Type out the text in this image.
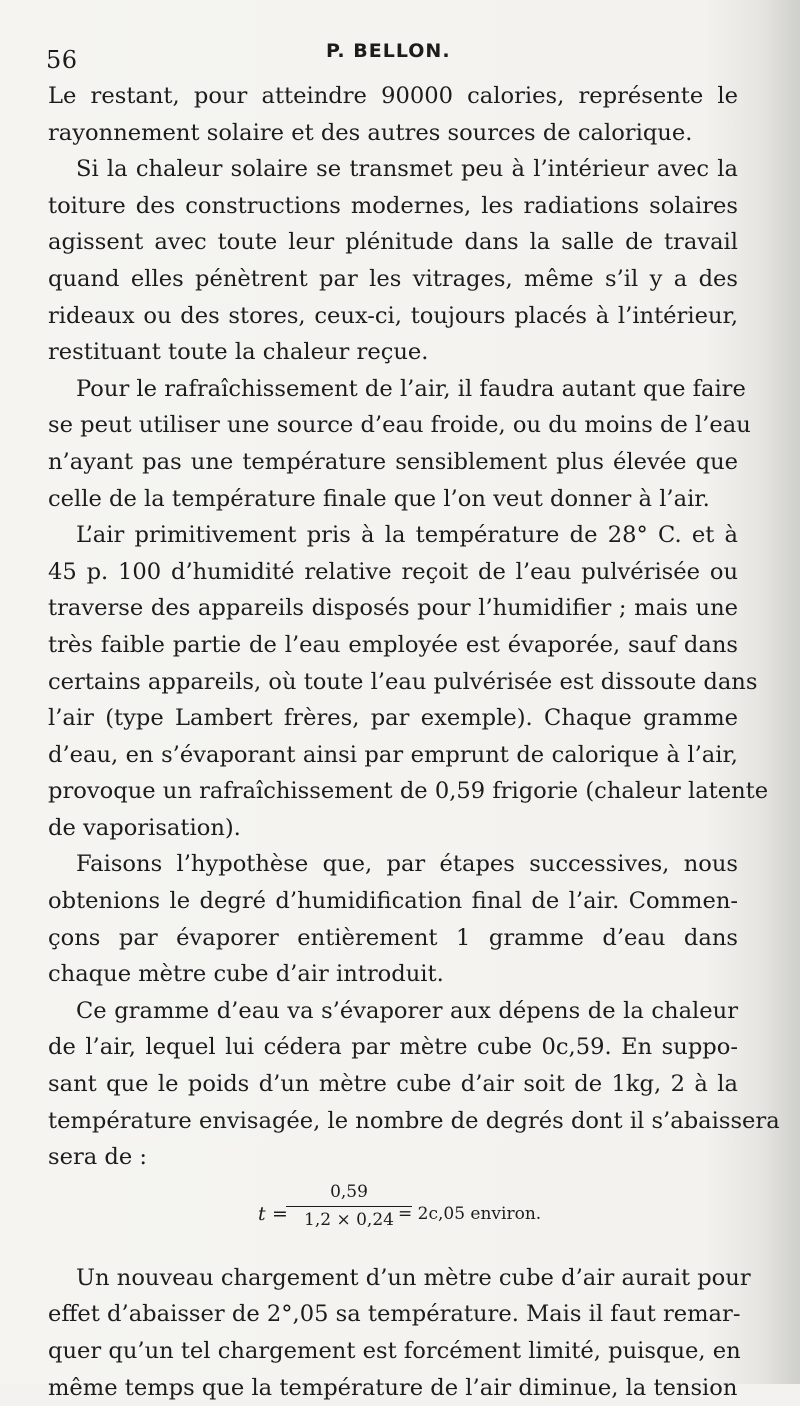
56	P. BELLON.
Le restant, pour atteindre 90000 calories, représente le
rayonnement solaire et des autres sources de calorique.
Si la chaleur solaire se transmet peu à l’intérieur avec la
toiture des constructions modernes, les radiations solaires
agissent avec toute leur plénitude dans la salle de travail
quand elles pénètrent par les vitrages, même s’il y a des
rideaux ou des stores, ceux-ci, toujours placés à l’intérieur,
restituant toute la chaleur reçue.
Pour le rafraîchissement de l’air, il faudra autant que faire
se peut utiliser une source d’eau froide, ou du moins de l’eau
n’ayant pas une température sensiblement plus élevée que
celle de la température finale que l’on veut donner à l’air.
L’air primitivement pris à la température de 28° C. et à
45 p. 100 d’humidité relative reçoit de l’eau pulvérisée ou
traverse des appareils disposés pour l’humidifier ; mais une
très faible partie de l’eau employée est évaporée, sauf dans
certains appareils, où toute l’eau pulvérisée est dissoute dans
l’air (type Lambert frères, par exemple). Chaque gramme
d’eau, en s’évaporant ainsi par emprunt de calorique à l’air,
provoque un rafraîchissement de 0,59 frigorie (chaleur latente
de vaporisation).
Faisons l’hypothèse que, par étapes successives, nous
obtenions le degré d’humidification final de l’air. Commen-
çons par évaporer entièrement 1 gramme d’eau dans
chaque mètre cube d’air introduit.
Ce gramme d’eau va s’évaporer aux dépens de la chaleur
de l’air, lequel lui cédera par mètre cube 0c,59. En suppo-
sant que le poids d’un mètre cube d’air soit de 1kg, 2 à la
température envisagée, le nombre de degrés dont il s’abaissera
sera de :
t =
0,59
1,2 × 0,24 = 2c,05 environ.
Un nouveau chargement d’un mètre cube d’air aurait pour
effet d’abaisser de 2°,05 sa température. Mais il faut remar-
quer qu’un tel chargement est forcément limité, puisque, en
même temps que la température de l’air diminue, la tension
